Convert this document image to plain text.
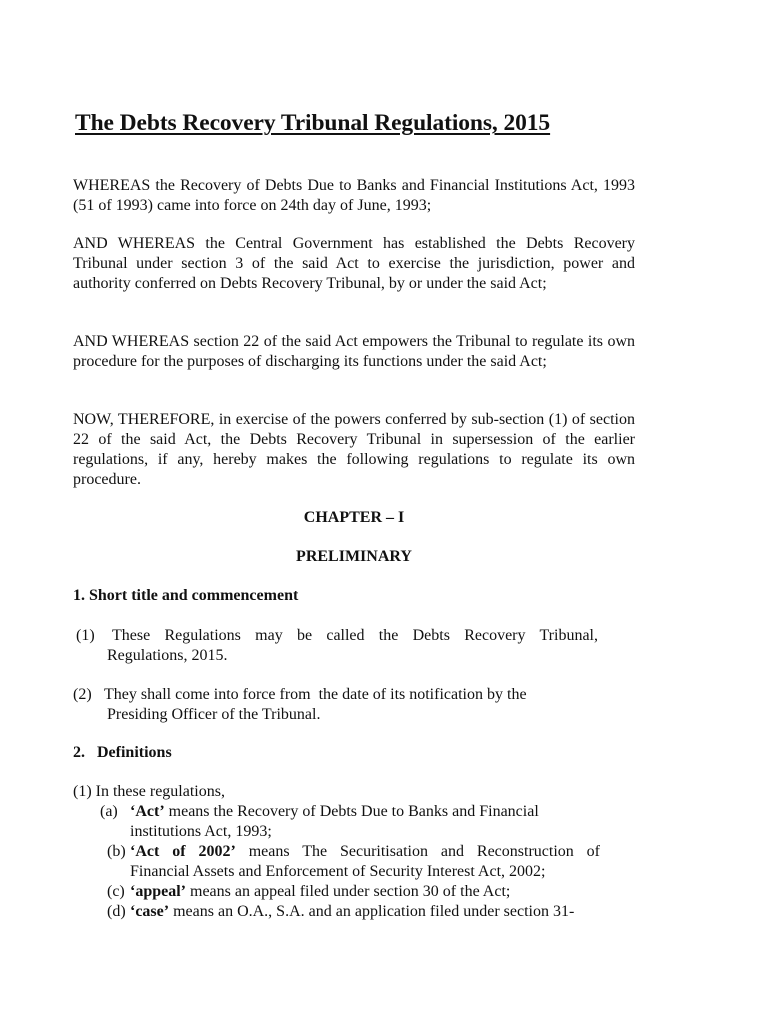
The Debts Recovery Tribunal Regulations, 2015
WHEREAS the Recovery of Debts Due to Banks and Financial Institutions Act, 1993 (51 of 1993) came into force on 24th day of June, 1993;
AND WHEREAS the Central Government has established the Debts Recovery Tribunal under section 3 of the said Act to exercise the jurisdiction, power and authority conferred on Debts Recovery Tribunal, by or under the said Act;
AND WHEREAS section 22 of the said Act empowers the Tribunal to regulate its own procedure for the purposes of discharging its functions under the said Act;
NOW, THEREFORE, in exercise of the powers conferred by sub-section (1) of section 22 of the said Act, the Debts Recovery Tribunal in supersession of the earlier regulations, if any, hereby makes the following regulations to regulate its own procedure.
CHAPTER – I
PRELIMINARY
1. Short title and commencement
(1) These Regulations may be called the Debts Recovery Tribunal,
Regulations, 2015.
(2) They shall come into force from  the date of its notification by the
Presiding Officer of the Tribunal.
2.   Definitions
(1) In these regulations,
(a) ‘Act’ means the Recovery of Debts Due to Banks and Financial
institutions Act, 1993;
(b) ‘Act of 2002’ means The Securitisation and Reconstruction of
Financial Assets and Enforcement of Security Interest Act, 2002;
(c) ‘appeal’ means an appeal filed under section 30 of the Act;
(d) ‘case’ means an O.A., S.A. and an application filed under section 31-
